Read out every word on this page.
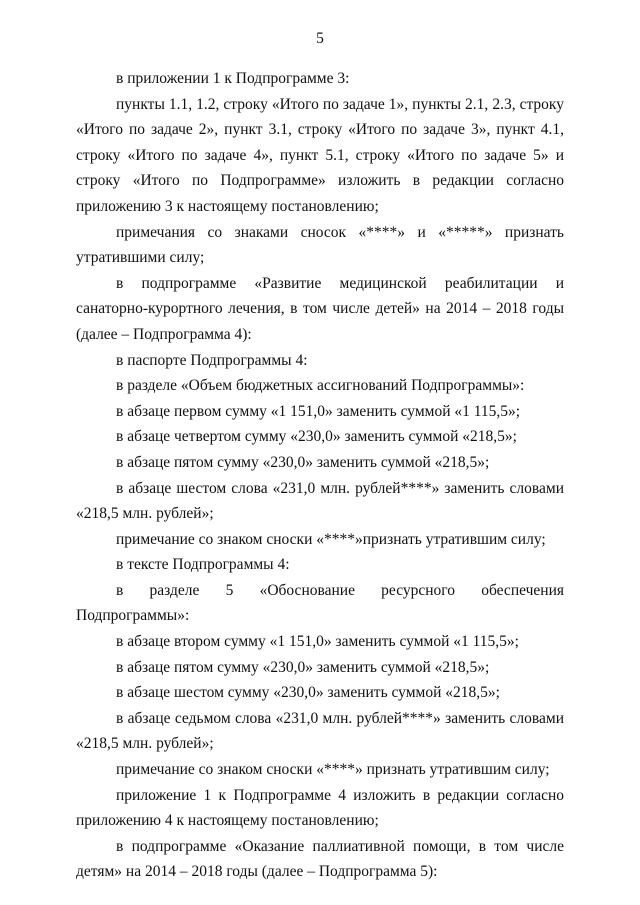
5

в приложении 1 к Подпрограмме 3:

пункты 1.1, 1.2, строку «Итого по задаче 1», пункты 2.1, 2.3, строку «Итого по задаче 2», пункт 3.1, строку «Итого по задаче 3», пункт 4.1, строку «Итого по задаче 4», пункт 5.1, строку «Итого по задаче 5» и строку «Итого по Подпрограмме» изложить в редакции согласно приложению 3 к настоящему постановлению;

примечания со знаками сносок «****» и «*****» признать утратившими силу;

в подпрограмме «Развитие медицинской реабилитации и санаторно-курортного лечения, в том числе детей» на 2014 – 2018 годы (далее – Подпрограмма 4):

в паспорте Подпрограммы 4:

в разделе «Объем бюджетных ассигнований Подпрограммы»:

в абзаце первом сумму «1 151,0» заменить суммой «1 115,5»;

в абзаце четвертом сумму «230,0» заменить суммой «218,5»;

в абзаце пятом сумму «230,0» заменить суммой «218,5»;

в абзаце шестом слова «231,0 млн. рублей****» заменить словами «218,5 млн. рублей»;

примечание со знаком сноски «****»признать утратившим силу;

в тексте Подпрограммы 4:

в разделе 5 «Обоснование ресурсного обеспечения Подпрограммы»:

в абзаце втором сумму «1 151,0» заменить суммой «1 115,5»;

в абзаце пятом сумму «230,0» заменить суммой «218,5»;

в абзаце шестом сумму «230,0» заменить суммой «218,5»;

в абзаце седьмом слова «231,0 млн. рублей****» заменить словами «218,5 млн. рублей»;

примечание со знаком сноски «****» признать утратившим силу;

приложение 1 к Подпрограмме 4 изложить в редакции согласно приложению 4 к настоящему постановлению;

в подпрограмме «Оказание паллиативной помощи, в том числе детям» на 2014 – 2018 годы (далее – Подпрограмма 5):
